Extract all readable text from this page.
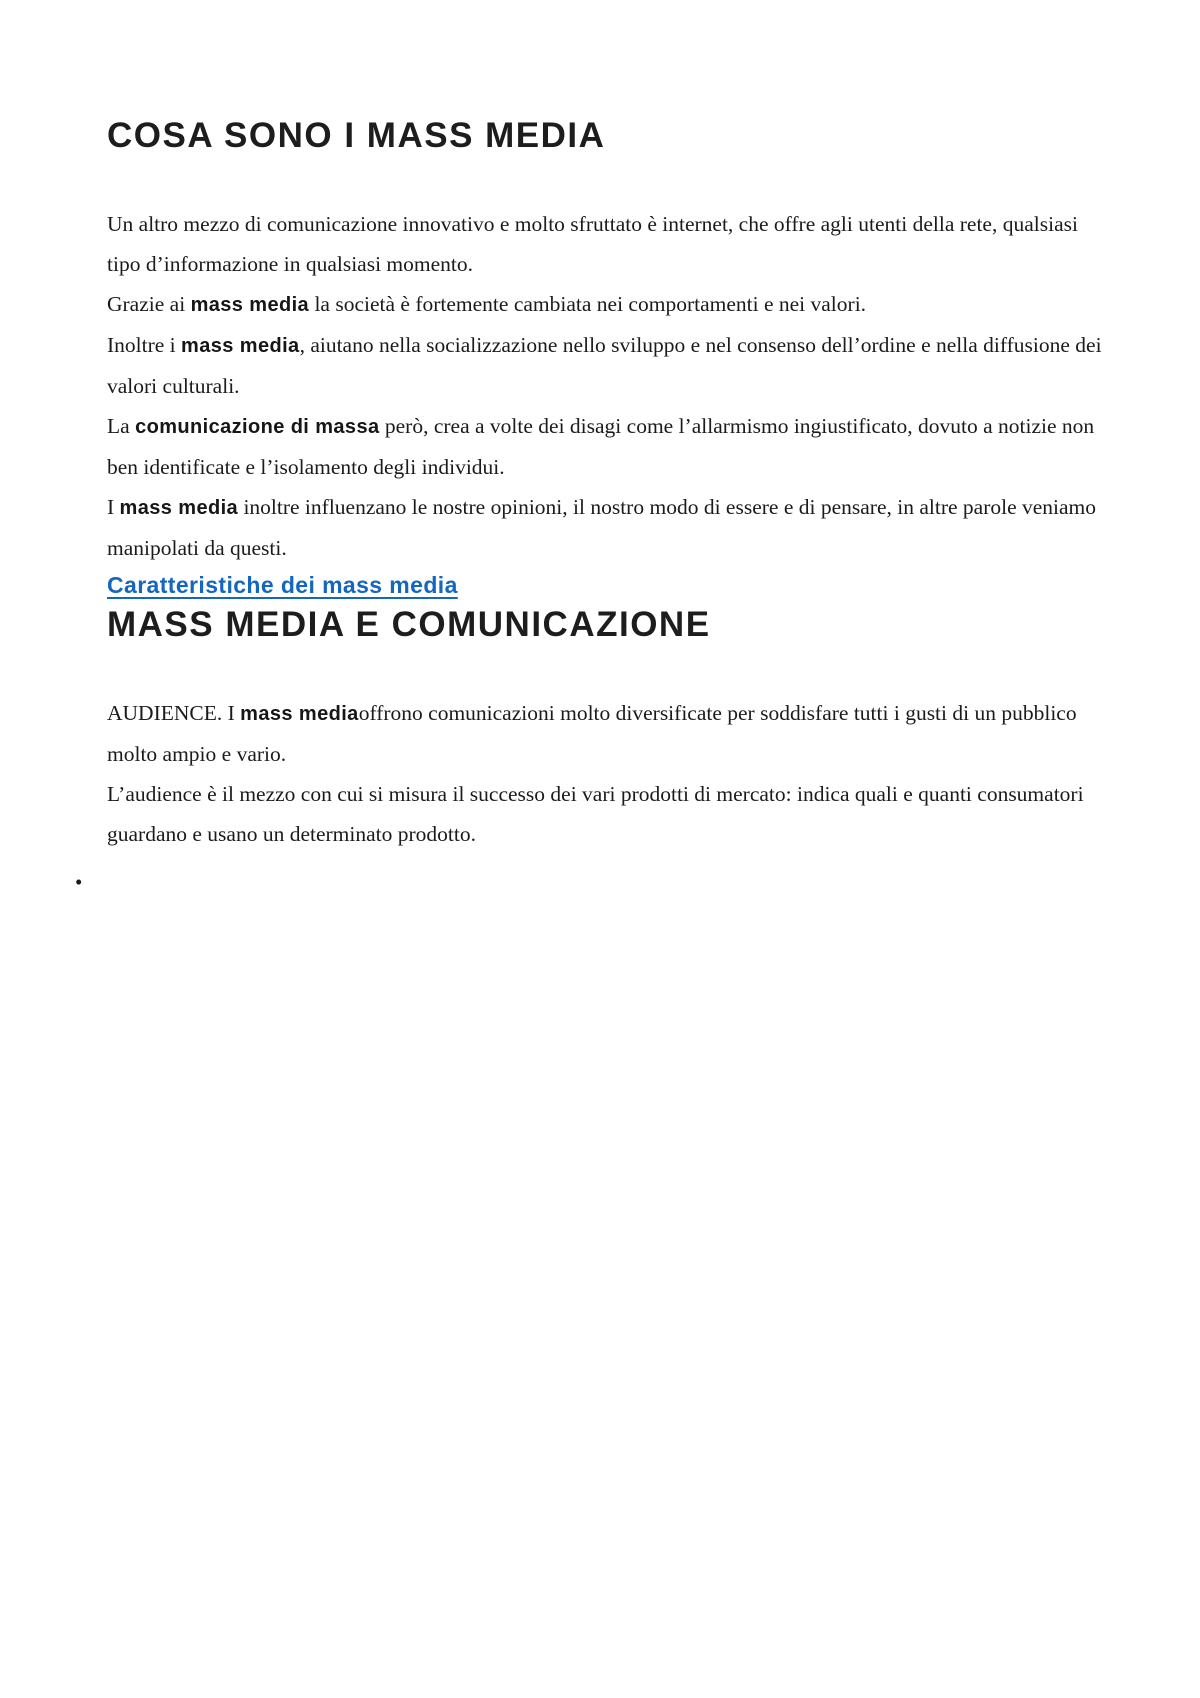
COSA SONO I MASS MEDIA

Un altro mezzo di comunicazione innovativo e molto sfruttato è internet, che offre agli utenti della rete, qualsiasi tipo d’informazione in qualsiasi momento.

Grazie ai mass media la società è fortemente cambiata nei comportamenti e nei valori.

Inoltre i mass media, aiutano nella socializzazione nello sviluppo e nel consenso dell’ordine e nella diffusione dei valori culturali.

La comunicazione di massa però, crea a volte dei disagi come l’allarmismo ingiustificato, dovuto a notizie non ben identificate e l’isolamento degli individui.

I mass media inoltre influenzano le nostre opinioni, il nostro modo di essere e di pensare, in altre parole veniamo manipolati da questi.

Caratteristiche dei mass media
MASS MEDIA E COMUNICAZIONE

AUDIENCE. I mass mediaoffrono comunicazioni molto diversificate per soddisfare tutti i gusti di un pubblico molto ampio e vario.

L’audience è il mezzo con cui si misura il successo dei vari prodotti di mercato: indica quali e quanti consumatori guardano e usano un determinato prodotto.

•
